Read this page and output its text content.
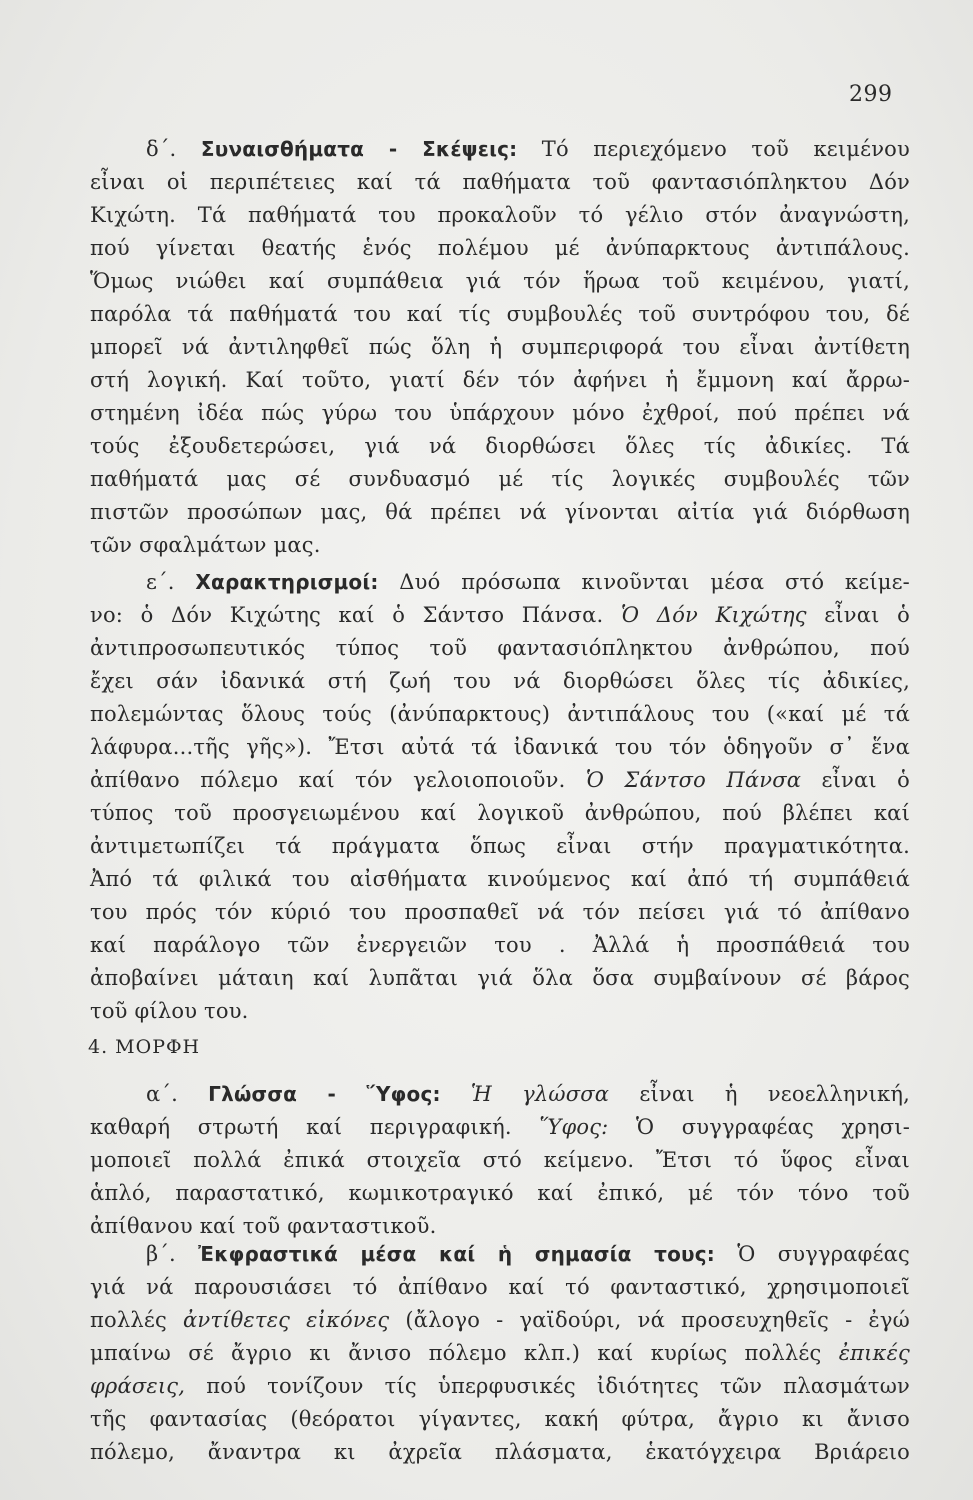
299
δ΄. Συναισθήματα - Σκέψεις: Τό περιεχόμενο τοῦ κειμένου
εἶναι οἱ περιπέτειες καί τά παθήματα τοῦ φαντασιόπληκτου Δόν
Κιχώτη. Τά παθήματά του προκαλοῦν τό γέλιο στόν ἀναγνώστη,
πού γίνεται θεατής ἑνός πολέμου μέ ἀνύπαρκτους ἀντιπάλους.
Ὅμως νιώθει καί συμπάθεια γιά τόν ἥρωα τοῦ κειμένου, γιατί,
παρόλα τά παθήματά του καί τίς συμβουλές τοῦ συντρόφου του, δέ
μπορεῖ νά ἀντιληφθεῖ πώς ὅλη ἡ συμπεριφορά του εἶναι ἀντίθετη
στή λογική. Καί τοῦτο, γιατί δέν τόν ἀφήνει ἡ ἔμμονη καί ἄρρω-
στημένη ἰδέα πώς γύρω του ὑπάρχουν μόνο ἐχθροί, πού πρέπει νά
τούς ἐξουδετερώσει, γιά νά διορθώσει ὅλες τίς ἀδικίες. Τά
παθήματά μας σέ συνδυασμό μέ τίς λογικές συμβουλές τῶν
πιστῶν προσώπων μας, θά πρέπει νά γίνονται αἰτία γιά διόρθωση
τῶν σφαλμάτων μας.
ε΄. Χαρακτηρισμοί: Δυό πρόσωπα κινοῦνται μέσα στό κείμε-
νο: ὁ Δόν Κιχώτης καί ὁ Σάντσο Πάνσα. Ὁ Δόν Κιχώτης εἶναι ὁ
ἀντιπροσωπευτικός τύπος τοῦ φαντασιόπληκτου ἀνθρώπου, πού
ἔχει σάν ἰδανικά στή ζωή του νά διορθώσει ὅλες τίς ἀδικίες,
πολεμώντας ὅλους τούς (ἀνύπαρκτους) ἀντιπάλους του («καί μέ τά
λάφυρα...τῆς γῆς»). Ἔτσι αὐτά τά ἰδανικά του τόν ὁδηγοῦν σ᾽ ἕνα
ἀπίθανο πόλεμο καί τόν γελοιοποιοῦν. Ὁ Σάντσο Πάνσα εἶναι ὁ
τύπος τοῦ προσγειωμένου καί λογικοῦ ἀνθρώπου, πού βλέπει καί
ἀντιμετωπίζει τά πράγματα ὅπως εἶναι στήν πραγματικότητα.
Ἀπό τά φιλικά του αἰσθήματα κινούμενος καί ἀπό τή συμπάθειά
του πρός τόν κύριό του προσπαθεῖ νά τόν πείσει γιά τό ἀπίθανο
καί παράλογο τῶν ἐνεργειῶν του . Ἀλλά ἡ προσπάθειά του
ἀποβαίνει μάταιη καί λυπᾶται γιά ὅλα ὅσα συμβαίνουν σέ βάρος
τοῦ φίλου του.
4. ΜΟΡΦΗ
α΄. Γλώσσα - Ὕφος: Ἡ γλώσσα εἶναι ἡ νεοελληνική,
καθαρή στρωτή καί περιγραφική. Ὕφος: Ὁ συγγραφέας χρησι-
μοποιεῖ πολλά ἐπικά στοιχεῖα στό κείμενο. Ἔτσι τό ὕφος εἶναι
ἁπλό, παραστατικό, κωμικοτραγικό καί ἐπικό, μέ τόν τόνο τοῦ
ἀπίθανου καί τοῦ φανταστικοῦ.
β΄. Ἐκφραστικά μέσα καί ἡ σημασία τους: Ὁ συγγραφέας
γιά νά παρουσιάσει τό ἀπίθανο καί τό φανταστικό, χρησιμοποιεῖ
πολλές ἀντίθετες εἰκόνες (ἄλογο - γαϊδούρι, νά προσευχηθεῖς - ἐγώ
μπαίνω σέ ἄγριο κι ἄνισο πόλεμο κλπ.) καί κυρίως πολλές ἐπικές
φράσεις, πού τονίζουν τίς ὑπερφυσικές ἰδιότητες τῶν πλασμάτων
τῆς φαντασίας (θεόρατοι γίγαντες, κακή φύτρα, ἄγριο κι ἄνισο
πόλεμο, ἄναντρα κι ἀχρεῖα πλάσματα, ἑκατόγχειρα Βριάρειο
